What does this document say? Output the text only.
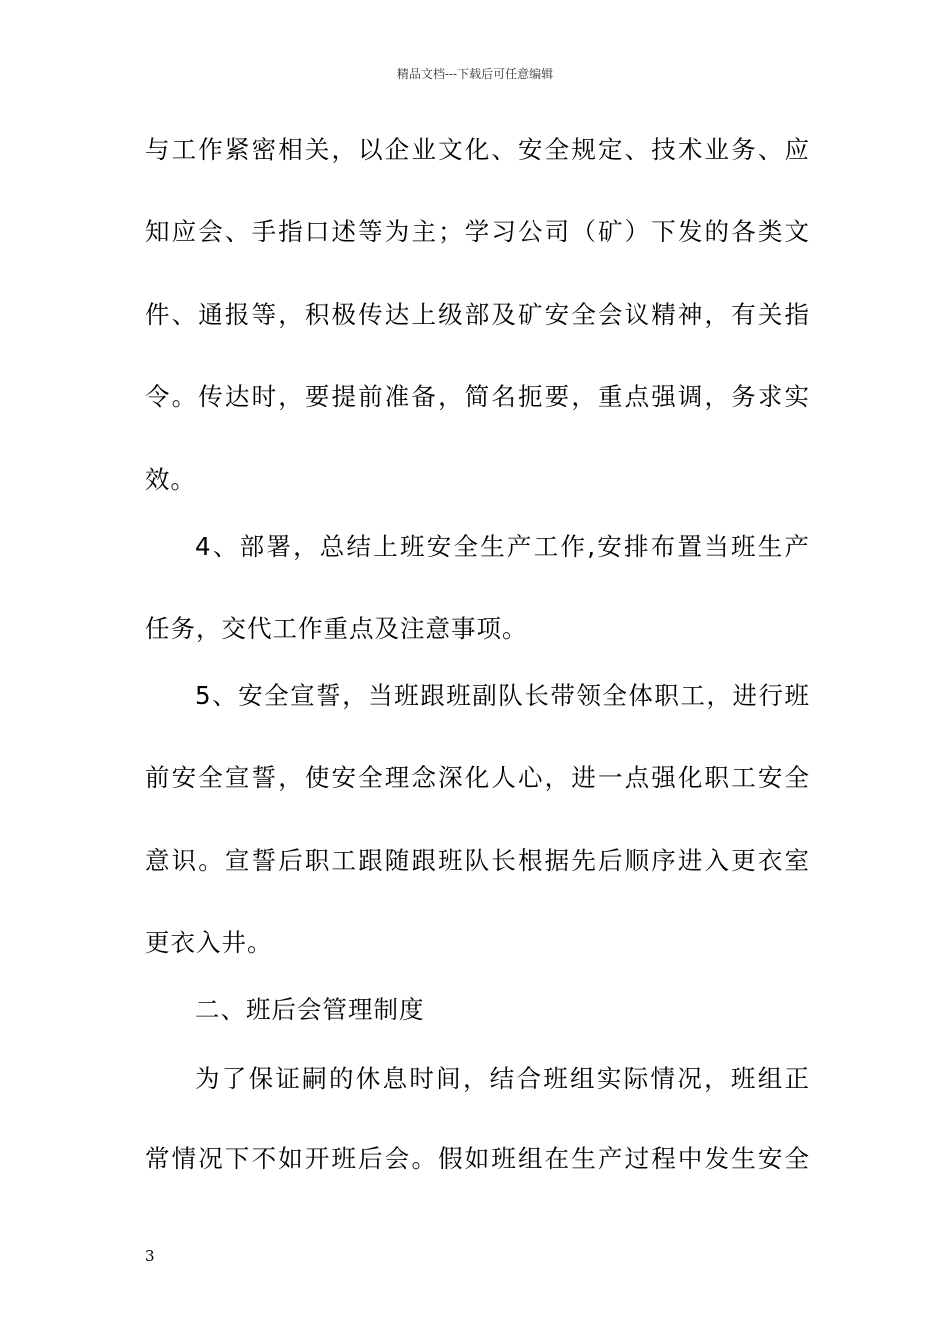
精品文档---下载后可任意编辑
与工作紧密相关，以企业文化、安全规定、技术业务、应
知应会、手指口述等为主；学习公司（矿）下发的各类文
件、通报等，积极传达上级部及矿安全会议精神，有关指
令。传达时，要提前准备，简名扼要，重点强调，务求实
效。
4、部署，总结上班安全生产工作,安排布置当班生产
任务，交代工作重点及注意事项。
5、安全宣誓，当班跟班副队长带领全体职工，进行班
前安全宣誓，使安全理念深化人心，进一点强化职工安全
意识。宣誓后职工跟随跟班队长根据先后顺序进入更衣室
更衣入井。
二、班后会管理制度
为了保证嗣的休息时间，结合班组实际情况，班组正
常情况下不如开班后会。假如班组在生产过程中发生安全
3
